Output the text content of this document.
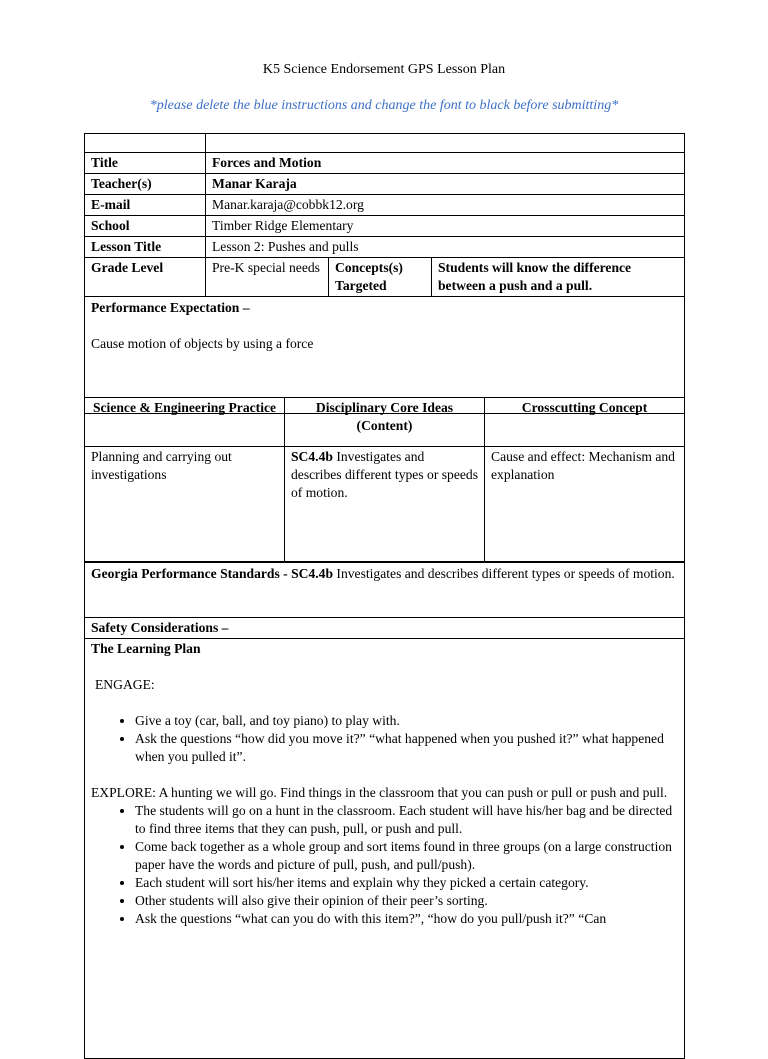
K5 Science Endorsement GPS Lesson Plan
*please delete the blue instructions and change the font to black before submitting*

Title	Forces and Motion		
Teacher(s)	Manar Karaja		
E-mail	Manar.karaja@cobbk12.org		
School	Timber Ridge Elementary		
Lesson Title	Lesson 2: Pushes and pulls		
Grade Level	Pre-K special needs	Concepts(s) Targeted	Students will know the difference between a push and a pull.

Performance Expectation –

Cause motion of objects by using a force			

Science & Engineering Practice	Disciplinary Core Ideas (Content)	Crosscutting Concept
Planning and carrying out investigations	SC4.4b Investigates and describes different types or speeds of motion.	Cause and effect: Mechanism and explanation
Georgia Performance Standards - SC4.4b Investigates and describes different types or speeds of motion.
Safety Considerations –

The Learning Plan

ENGAGE:

• Give a toy (car, ball, and toy piano) to play with.
• Ask the questions “how did you move it?” “what happened when you pushed it?” what happened when you pulled it”.

EXPLORE: A hunting we will go. Find things in the classroom that you can push or pull or push and pull.

• The students will go on a hunt in the classroom. Each student will have his/her bag and be directed to find three items that they can push, pull, or push and pull.
• Come back together as a whole group and sort items found in three groups (on a large construction paper have the words and picture of pull, push, and pull/push).
• Each student will sort his/her items and explain why they picked a certain category.
• Other students will also give their opinion of their peer’s sorting.
• Ask the questions “what can you do with this item?”, “how do you pull/push it?” “Can
